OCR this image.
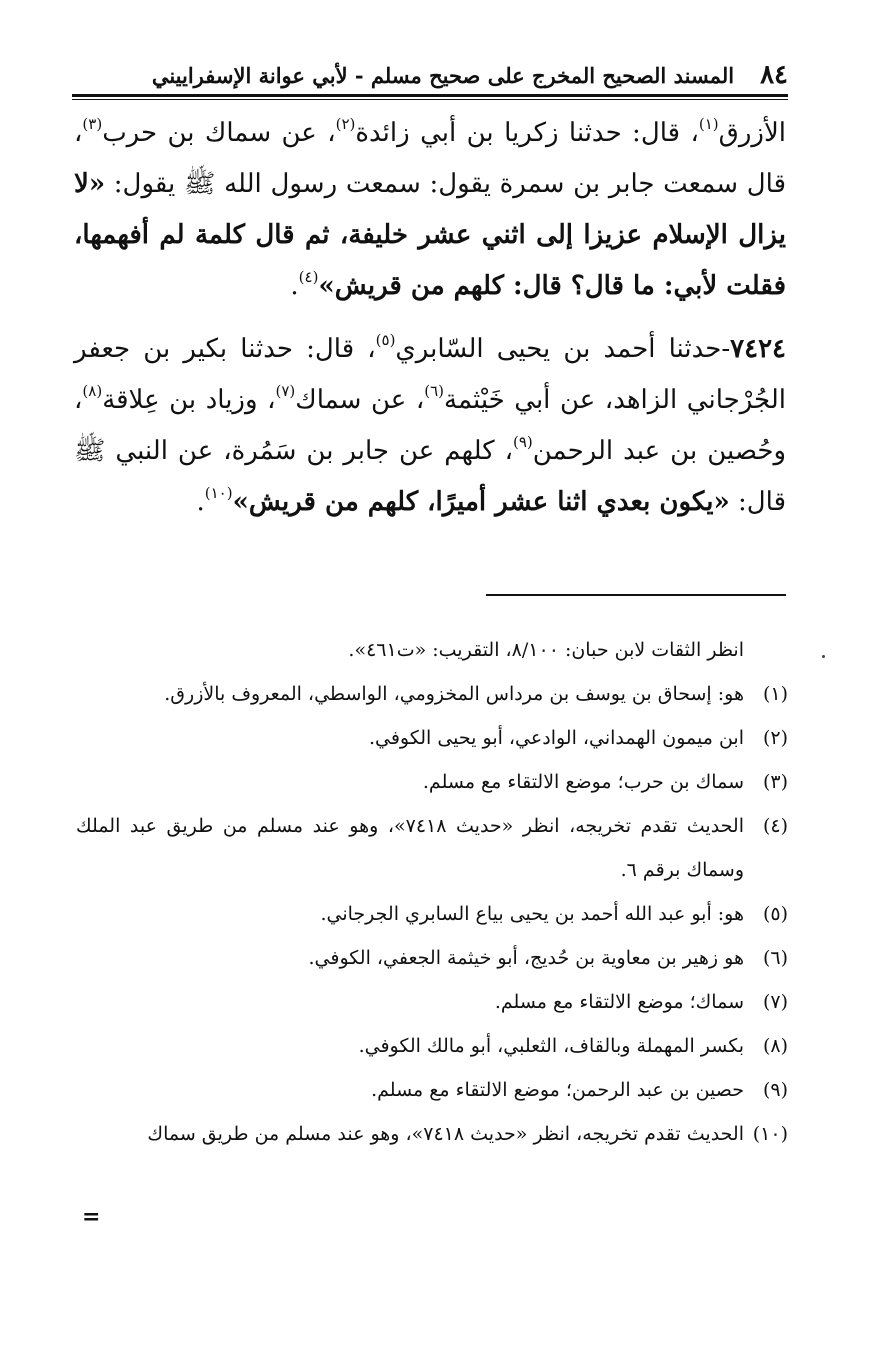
٨٤
المسند الصحيح المخرج على صحيح مسلم - لأبي عوانة الإسفراييني

الأزرق$^{(١)}$، قال: حدثنا زكريا بن أبي زائدة$^{(٢)}$، عن سماك بن حرب$^{(٣)}$، قال سمعت جابر بن سمرة يقول: سمعت رسول الله ﷺ يقول: «لا يزال الإسلام عزيزا إلى اثني عشر خليفة، ثم قال كلمة لم أفهمها، فقلت لأبي: ما قال؟ قال: كلهم من قريش»$^{(٤)}$.

٧٤٢٤-حدثنا أحمد بن يحيى السّابري$^{(٥)}$، قال: حدثنا بكير بن جعفر الجُرْجاني الزاهد، عن أبي خَيْثمة$^{(٦)}$، عن سماك$^{(٧)}$، وزياد بن عِلاقة$^{(٨)}$، وحُصين بن عبد الرحمن$^{(٩)}$، كلهم عن جابر بن سَمُرة، عن النبي ﷺ قال: «يكون بعدي اثنا عشر أميرًا، كلهم من قريش»$^{(١٠)}$.

انظر الثقات لابن حبان: ٨/١٠٠، التقريب: «ت٤٦١».
(١)
هو: إسحاق بن يوسف بن مرداس المخزومي، الواسطي، المعروف بالأزرق.
(٢)
ابن ميمون الهمداني، الوادعي، أبو يحيى الكوفي.
(٣)
سماك بن حرب؛ موضع الالتقاء مع مسلم.
(٤)
الحديث تقدم تخريجه، انظر «حديث ٧٤١٨»، وهو عند مسلم من طريق عبد الملك وسماك برقم ٦.
(٥)
هو: أبو عبد الله أحمد بن يحيى بياع السابري الجرجاني.
(٦)
هو زهير بن معاوية بن حُديج، أبو خيثمة الجعفي، الكوفي.
(٧)
سماك؛ موضع الالتقاء مع مسلم.
(٨)
بكسر المهملة وبالقاف، الثعلبي، أبو مالك الكوفي.
(٩)
حصين بن عبد الرحمن؛ موضع الالتقاء مع مسلم.
(١٠)
الحديث تقدم تخريجه، انظر «حديث ٧٤١٨»، وهو عند مسلم من طريق سماك
=
